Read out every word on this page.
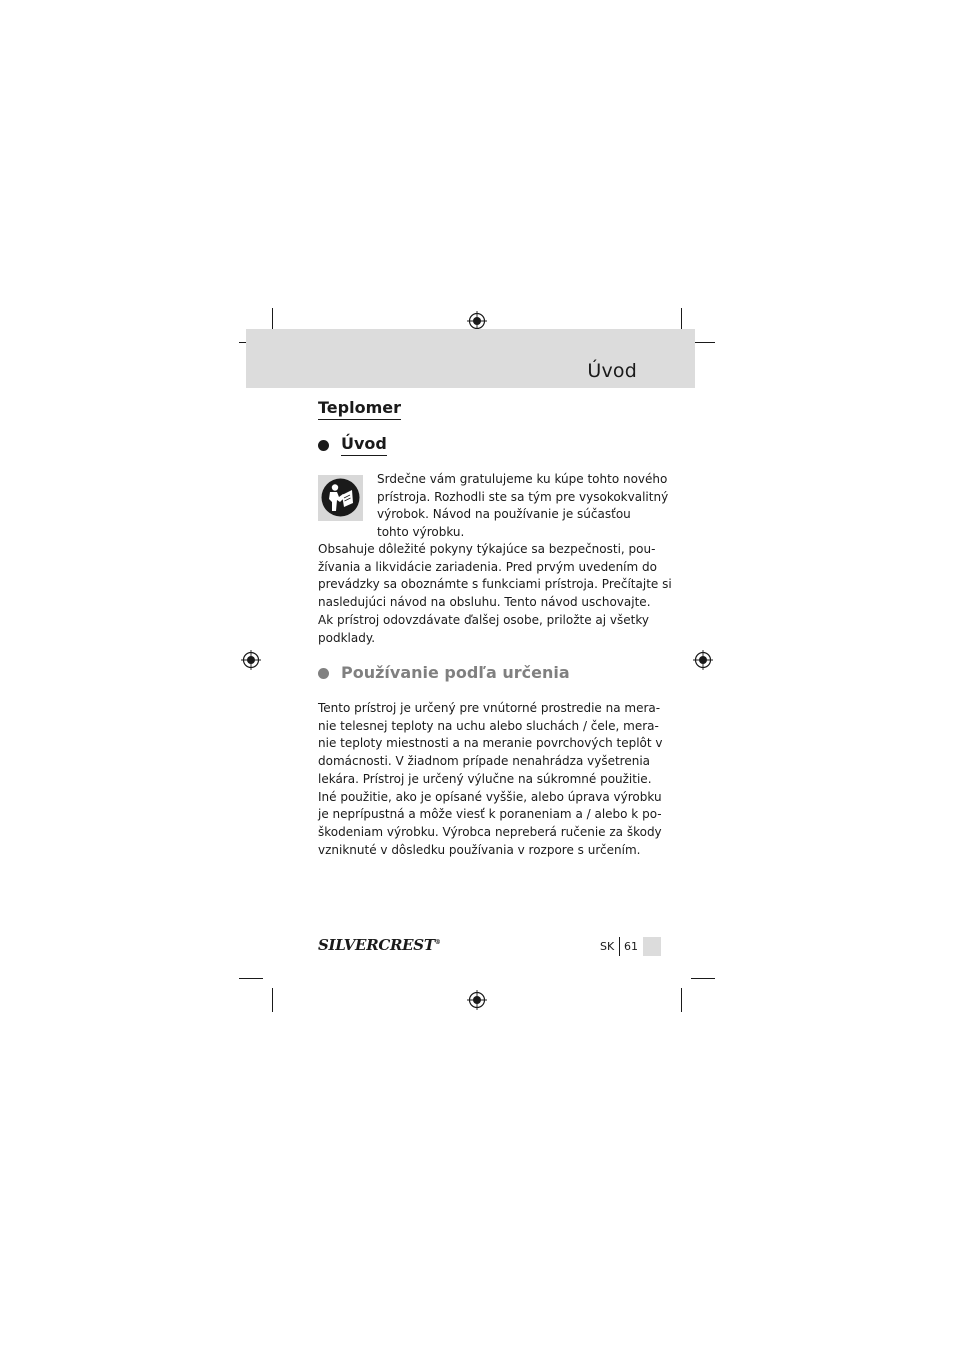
Úvod
Teplomer
Úvod
Srdečne vám gratulujeme ku kúpe tohto nového
prístroja. Rozhodli ste sa tým pre vysokokvalitný
výrobok. Návod na používanie je súčasťou
tohto výrobku.
Obsahuje dôležité pokyny týkajúce sa bezpečnosti, pou-
žívania a likvidácie zariadenia. Pred prvým uvedením do
prevádzky sa oboznámte s funkciami prístroja. Prečítajte si
nasledujúci návod na obsluhu. Tento návod uschovajte.
Ak prístroj odovzdávate ďalšej osobe, priložte aj všetky
podklady.
Používanie podľa určenia
Tento prístroj je určený pre vnútorné prostredie na mera-
nie telesnej teploty na uchu alebo sluchách / čele, mera-
nie teploty miestnosti a na meranie povrchových teplôt v
domácnosti. V žiadnom prípade nenahrádza vyšetrenia
lekára. Prístroj je určený výlučne na súkromné použitie.
Iné použitie, ako je opísané vyššie, alebo úprava výrobku
je neprípustná a môže viesť k poraneniam a / alebo k po-
škodeniam výrobku. Výrobca nepreberá ručenie za škody
vzniknuté v dôsledku používania v rozpore s určením.
SILVERCREST®	SK 61
